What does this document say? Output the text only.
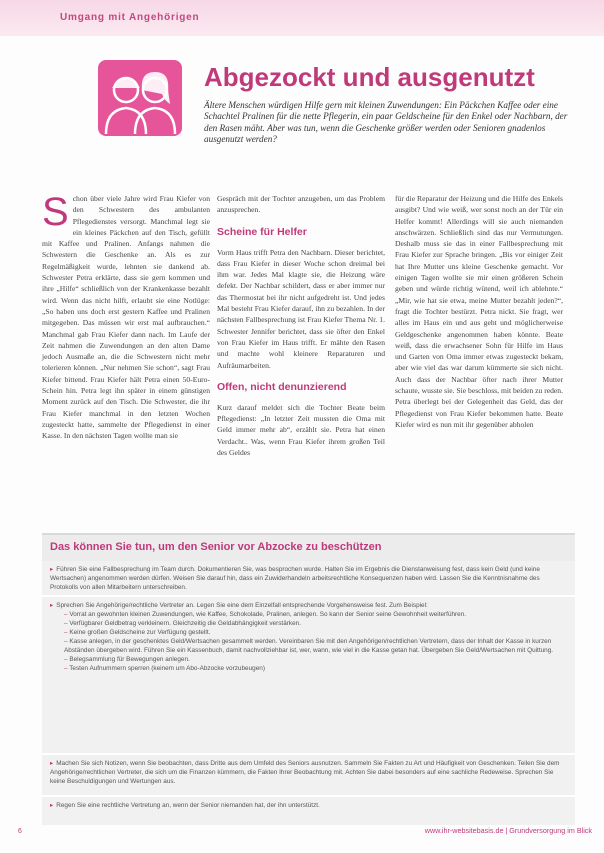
Umgang mit Angehörigen
Abgezockt und ausgenutzt
Ältere Menschen würdigen Hilfe gern mit kleinen Zuwendungen: Ein Päckchen Kaffee oder eine Schachtel Pralinen für die nette Pflegerin, ein paar Geldscheine für den Enkel oder Nachbarn, der den Rasen mäht. Aber was tun, wenn die Geschenke größer werden oder Senioren gnadenlos ausgenutzt werden?
S chon über viele Jahre wird Frau Kiefer von den Schwestern des ambulanten Pflegedienstes versorgt. Manchmal legt sie ein kleines Päckchen auf den Tisch, gefüllt mit Kaffee und Pralinen. Anfangs nahmen die Schwestern die Geschenke an. Als es zur Regelmäßigkeit wurde, lehnten sie dankend ab. Schwester Petra erklärte, dass sie gern kommen und ihre „Hilfe“ schließlich von der Krankenkasse bezahlt wird. Wenn das nicht hilft, erlaubt sie eine Notlüge: „So haben uns doch erst gestern Kaffee und Pralinen mitgegeben. Das müssen wir erst mal aufbrauchen.“ Manchmal gab Frau Kiefer dann nach. Im Laufe der Zeit nahmen die Zuwendungen an den alten Dame jedoch Ausmaße an, die die Schwestern nicht mehr tolerieren können. „Nur nehmen Sie schon“, sagt Frau Kiefer bittend. Frau Kiefer hält Petra einen 50-Euro-Schein hin. Petra legt ihn später in einem günstigen Moment zurück auf den Tisch. Die Schwester, die ihr Frau Kiefer manchmal in den letzten Wochen zugesteckt hatte, sammelte der Pflegedienst in einer Kasse. In den nächsten Tagen wollte man sie

Gespräch mit der Tochter anzugeben, um das Problem anzusprechen.

Scheine für Helfer

Vorm Haus trifft Petra den Nachbarn. Dieser berichtet, dass Frau Kiefer in dieser Woche schon dreimal bei ihm war. Jedes Mal klagte sie, die Heizung wäre defekt. Der Nachbar schildert, dass er aber immer nur das Thermostat bei ihr nicht aufgedreht ist. Und jedes Mal besteht Frau Kiefer darauf, ihn zu bezahlen. In der nächsten Fallbesprechung ist Frau Kiefer Thema Nr. 1. Schwester Jennifer berichtet, dass sie öfter den Enkel von Frau Kiefer im Haus trifft. Er mähte den Rasen und machte wohl kleinere Reparaturen und Aufräumarbeiten.

Offen, nicht denunzierend

Kurz darauf meldet sich die Tochter Beate beim Pflegedienst: „In letzter Zeit mussten die Oma mit Geld immer mehr ab“, erzählt sie. Petra hat einen Verdacht.. Was, wenn Frau Kiefer ihrem großen Teil des Geldes

für die Reparatur der Heizung und die Hilfe des Enkels ausgibt? Und wie weiß, wer sonst noch an der Tür ein Helfer kommt! Allerdings will sie auch niemanden anschwärzen. Schließlich sind das nur Vermutungen. Deshalb muss sie das in einer Fallbesprechung mit Frau Kiefer zur Sprache bringen. „Bis vor einiger Zeit hat Ihre Mutter uns kleine Geschenke gemacht. Vor einigen Tagen wollte sie mir einen größeren Schein geben und würde richtig wütend, weil ich ablehnte.“ „Mir, wie hat sie etwa, meine Mutter bezahlt jeden?“, fragt die Tochter bestürzt. Petra nickt. Sie fragt, wer alles im Haus ein und aus geht und möglicherweise Geldgeschenke angenommen haben könnte. Beate weiß, dass die erwachsener Sohn für Hilfe im Haus und Garten von Oma immer etwas zugesteckt bekam, aber wie viel das war darum kümmerte sie sich nicht. Auch dass der Nachbar öfter nach ihrer Mutter schaute, wusste sie. Sie beschloss, mit beiden zu reden. Petra überlegt bei der Gelegenheit das Geld, das der Pflegedienst von Frau Kiefer bekommen hatte. Beate Kiefer wird es nun mit ihr gegenüber abholen

Das können Sie tun, um den Senior vor Abzocke zu beschützen
▸ Führen Sie eine Fallbesprechung im Team durch. Dokumentieren Sie, was besprochen wurde. Halten Sie im Ergebnis die Dienstanweisung fest, dass kein Geld (und keine Wertsachen) angenommen werden dürfen. Weisen Sie darauf hin, dass ein Zuwiderhandeln arbeitsrechtliche Konsequenzen haben wird. Lassen Sie die Kenntnisnahme des Protokolls von allen Mitarbeitern unterschreiben.
▸ Sprechen Sie Angehörige/rechtliche Vertreter an. Legen Sie eine dem Einzelfall entsprechende Vorgehensweise fest. Zum Beispiel:
– Vorrat an gewohnten kleinen Zuwendungen, wie Kaffee, Schokolade, Pralinen, anlegen. So kann der Senior seine Gewohnheit weiterführen.
– Verfügbarer Geldbetrag verkleinern. Gleichzeitig die Geldabhängigkeit verstärken.
– Keine großen Geldscheine zur Verfügung gestellt.
– Kasse anlegen, in der geschenktes Geld/Wertsachen gesammelt werden. Vereinbaren Sie mit den Angehörigen/rechtlichen Vertretern, dass der Inhalt der Kasse in kurzen Abständen übergeben wird. Führen Sie ein Kassenbuch, damit nachvollziehbar ist, wer, wann, wie viel in die Kasse getan hat. Übergeben Sie Geld/Wertsachen mit Quittung.
– Belegsammlung für Bewegungen anlegen.
– Testen Aufnummern sperren (keinem um Abo-Abzocke vorzubeugen)
▸ Machen Sie sich Notizen, wenn Sie beobachten, dass Dritte aus dem Umfeld des Seniors ausnutzen. Sammeln Sie Fakten zu Art und Häufigkeit von Geschenken. Teilen Sie dem Angehörige/rechtlichen Vertreter, die sich um die Finanzen kümmern, die Fakten Ihrer Beobachtung mit. Achten Sie dabei besonders auf eine sachliche Redeweise. Sprechen Sie keine Beschuldigungen und Wertungen aus.
▸ Regen Sie eine rechtliche Vertretung an, wenn der Senior niemanden hat, der ihn unterstützt.
6	www.ihr-websitebasis.de | Grundversorgung im Blick
